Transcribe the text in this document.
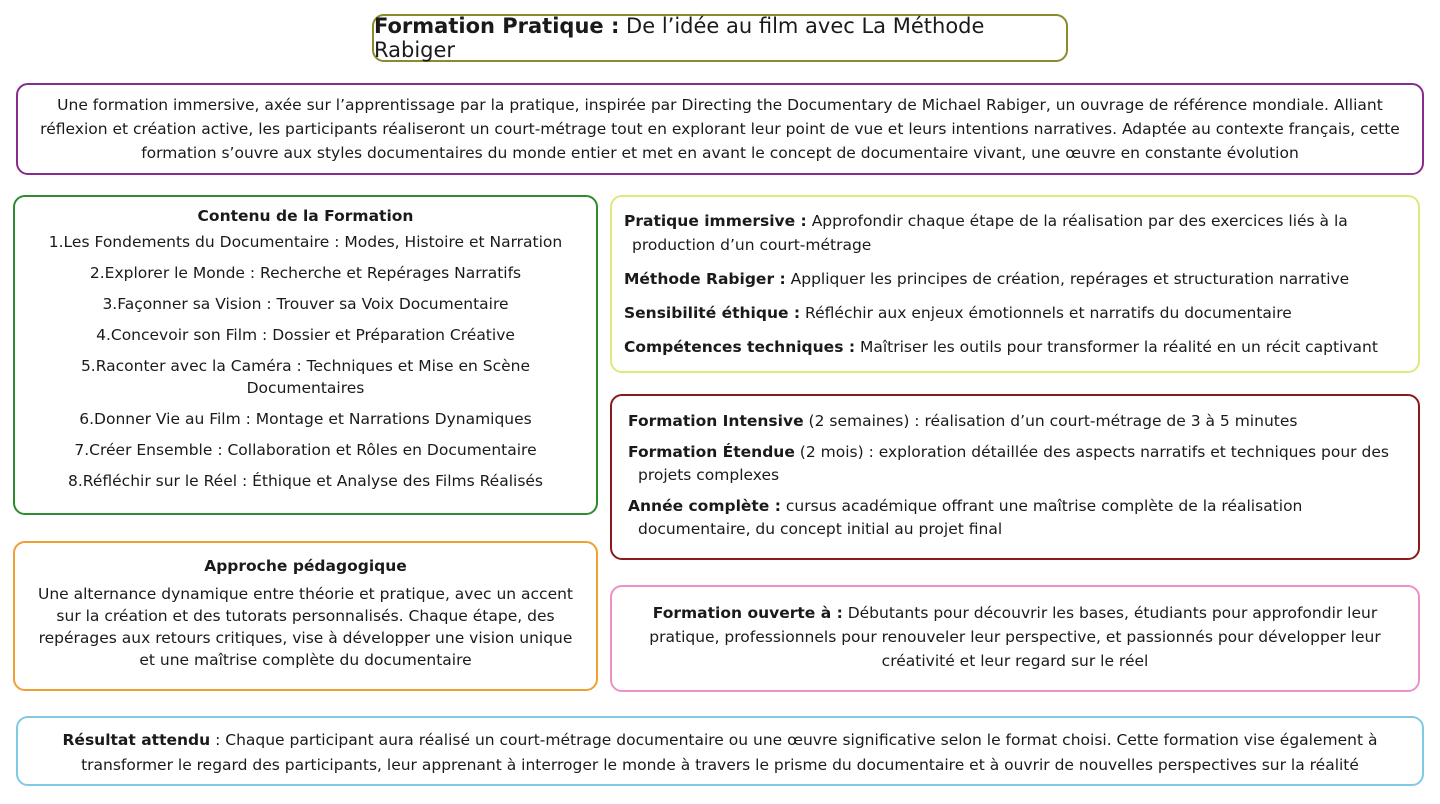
Formation Pratique : De l’idée au film avec La Méthode Rabiger
Une formation immersive, axée sur l’apprentissage par la pratique, inspirée par Directing the Documentary de Michael Rabiger, un ouvrage de référence mondiale. Alliant réflexion et création active, les participants réaliseront un court-métrage tout en explorant leur point de vue et leurs intentions narratives. Adaptée au contexte français, cette formation s’ouvre aux styles documentaires du monde entier et met en avant le concept de documentaire vivant, une œuvre en constante évolution
Contenu de la Formation
1.Les Fondements du Documentaire : Modes, Histoire et Narration
2.Explorer le Monde : Recherche et Repérages Narratifs
3.Façonner sa Vision : Trouver sa Voix Documentaire
4.Concevoir son Film : Dossier et Préparation Créative
5.Raconter avec la Caméra : Techniques et Mise en Scène Documentaires
6.Donner Vie au Film : Montage et Narrations Dynamiques
7.Créer Ensemble : Collaboration et Rôles en Documentaire
8.Réfléchir sur le Réel : Éthique et Analyse des Films Réalisés
Approche pédagogique
Une alternance dynamique entre théorie et pratique, avec un accent sur la création et des tutorats personnalisés. Chaque étape, des repérages aux retours critiques, vise à développer une vision unique et une maîtrise complète du documentaire
Pratique immersive : Approfondir chaque étape de la réalisation par des exercices liés à la production d’un court-métrage
Méthode Rabiger : Appliquer les principes de création, repérages et structuration narrative
Sensibilité éthique : Réfléchir aux enjeux émotionnels et narratifs du documentaire
Compétences techniques : Maîtriser les outils pour transformer la réalité en un récit captivant
Formation Intensive (2 semaines) : réalisation d’un court-métrage de 3 à 5 minutes
Formation Étendue (2 mois) : exploration détaillée des aspects narratifs et techniques pour des projets complexes
Année complète : cursus académique offrant une maîtrise complète de la réalisation documentaire, du concept initial au projet final
Formation ouverte à : Débutants pour découvrir les bases, étudiants pour approfondir leur pratique, professionnels pour renouveler leur perspective, et passionnés pour développer leur créativité et leur regard sur le réel
Résultat attendu : Chaque participant aura réalisé un court-métrage documentaire ou une œuvre significative selon le format choisi. Cette formation vise également à transformer le regard des participants, leur apprenant à interroger le monde à travers le prisme du documentaire et à ouvrir de nouvelles perspectives sur la réalité
